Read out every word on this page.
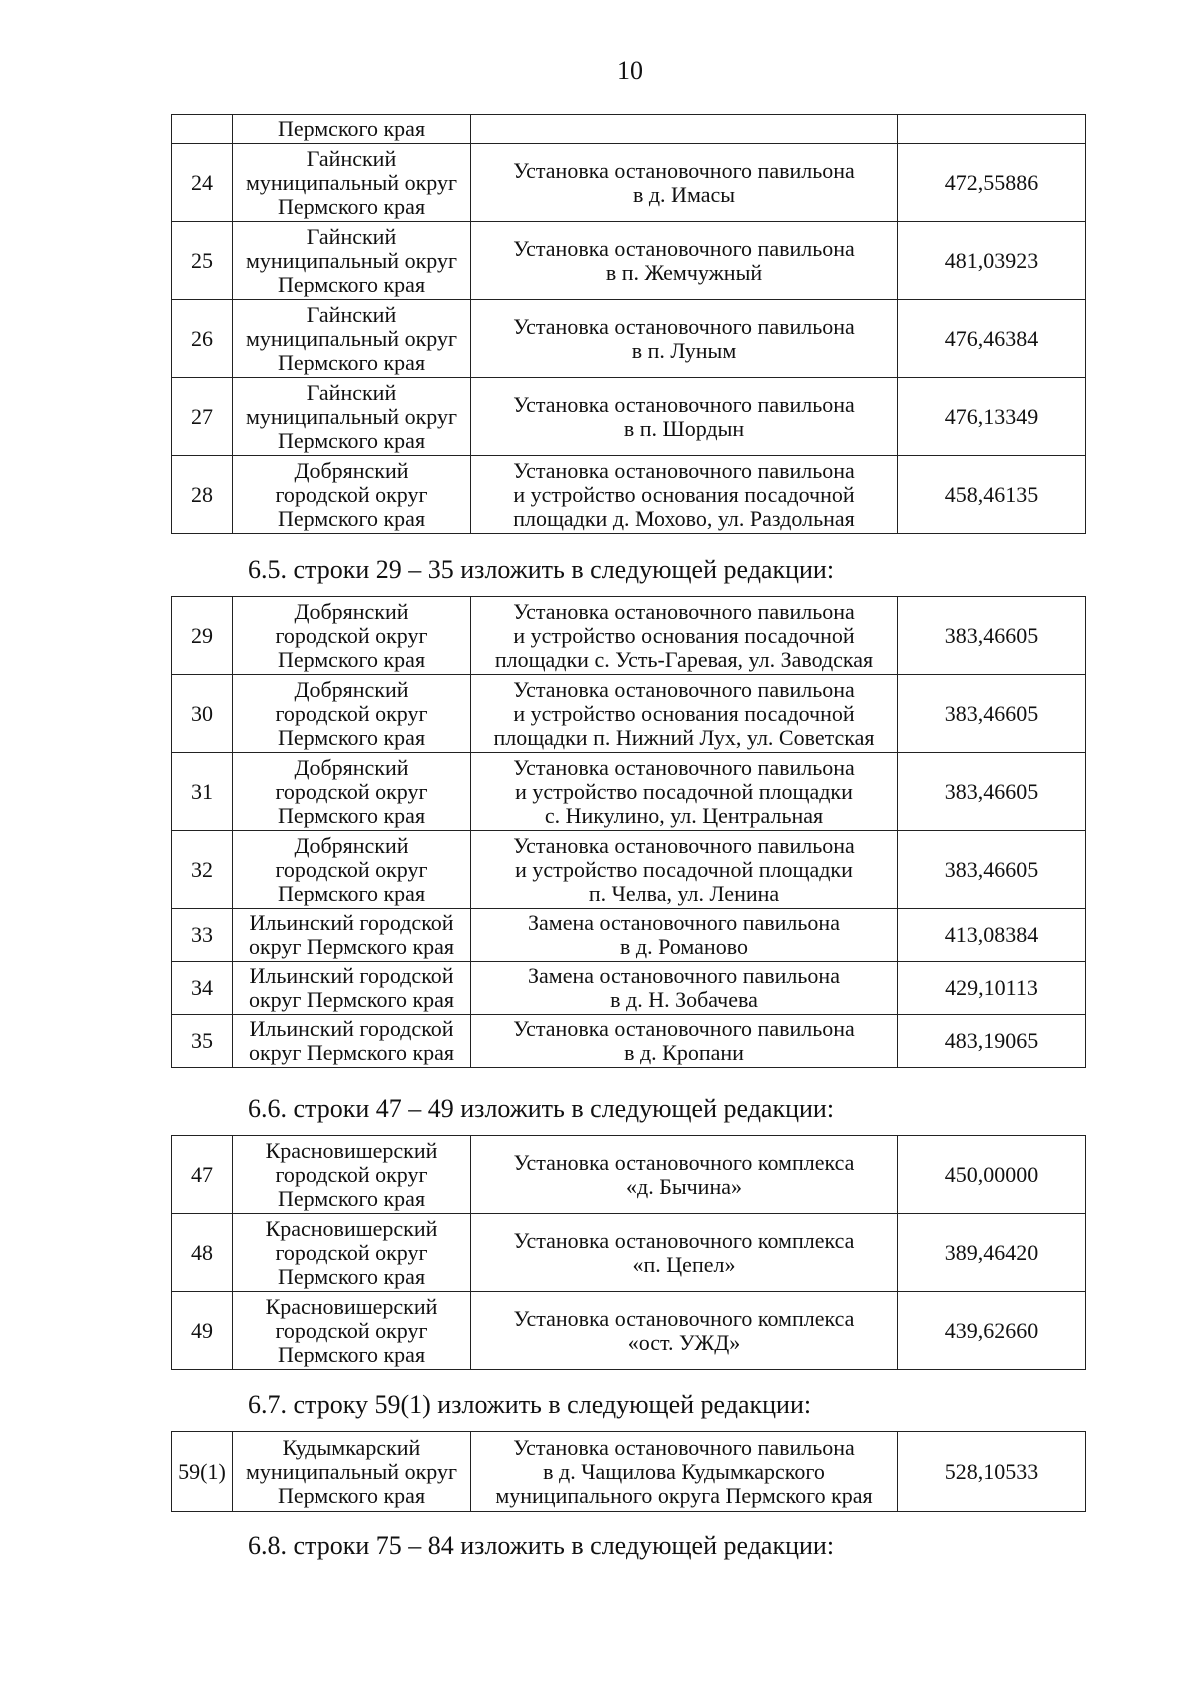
10
	Пермского края		
24	Гайнский
муниципальный округ
Пермского края	Установка остановочного павильона
в д. Имасы	472,55886
25	Гайнский
муниципальный округ
Пермского края	Установка остановочного павильона
в п. Жемчужный	481,03923
26	Гайнский
муниципальный округ
Пермского края	Установка остановочного павильона
в п. Луным	476,46384
27	Гайнский
муниципальный округ
Пермского края	Установка остановочного павильона
в п. Шордын	476,13349
28	Добрянский
городской округ
Пермского края	Установка остановочного павильона
и устройство основания посадочной
площадки д. Мохово, ул. Раздольная	458,46135
6.5. строки 29 – 35 изложить в следующей редакции:
29	Добрянский
городской округ
Пермского края	Установка остановочного павильона
и устройство основания посадочной
площадки с. Усть-Гаревая, ул. Заводская	383,46605
30	Добрянский
городской округ
Пермского края	Установка остановочного павильона
и устройство основания посадочной
площадки п. Нижний Лух, ул. Советская	383,46605
31	Добрянский
городской округ
Пермского края	Установка остановочного павильона
и устройство посадочной площадки
с. Никулино, ул. Центральная	383,46605
32	Добрянский
городской округ
Пермского края	Установка остановочного павильона
и устройство посадочной площадки
п. Челва, ул. Ленина	383,46605
33	Ильинский городской
округ Пермского края	Замена остановочного павильона
в д. Романово	413,08384
34	Ильинский городской
округ Пермского края	Замена остановочного павильона
в д. Н. Зобачева	429,10113
35	Ильинский городской
округ Пермского края	Установка остановочного павильона
в д. Кропани	483,19065
6.6. строки 47 – 49 изложить в следующей редакции:
47	Красновишерский
городской округ
Пермского края	Установка остановочного комплекса
«д. Бычина»	450,00000
48	Красновишерский
городской округ
Пермского края	Установка остановочного комплекса
«п. Цепел»	389,46420
49	Красновишерский
городской округ
Пермского края	Установка остановочного комплекса
«ост. УЖД»	439,62660
6.7. строку 59(1) изложить в следующей редакции:
59(1)	Кудымкарский
муниципальный округ
Пермского края	Установка остановочного павильона
в д. Чащилова Кудымкарского
муниципального округа Пермского края	528,10533
6.8. строки 75 – 84 изложить в следующей редакции:
